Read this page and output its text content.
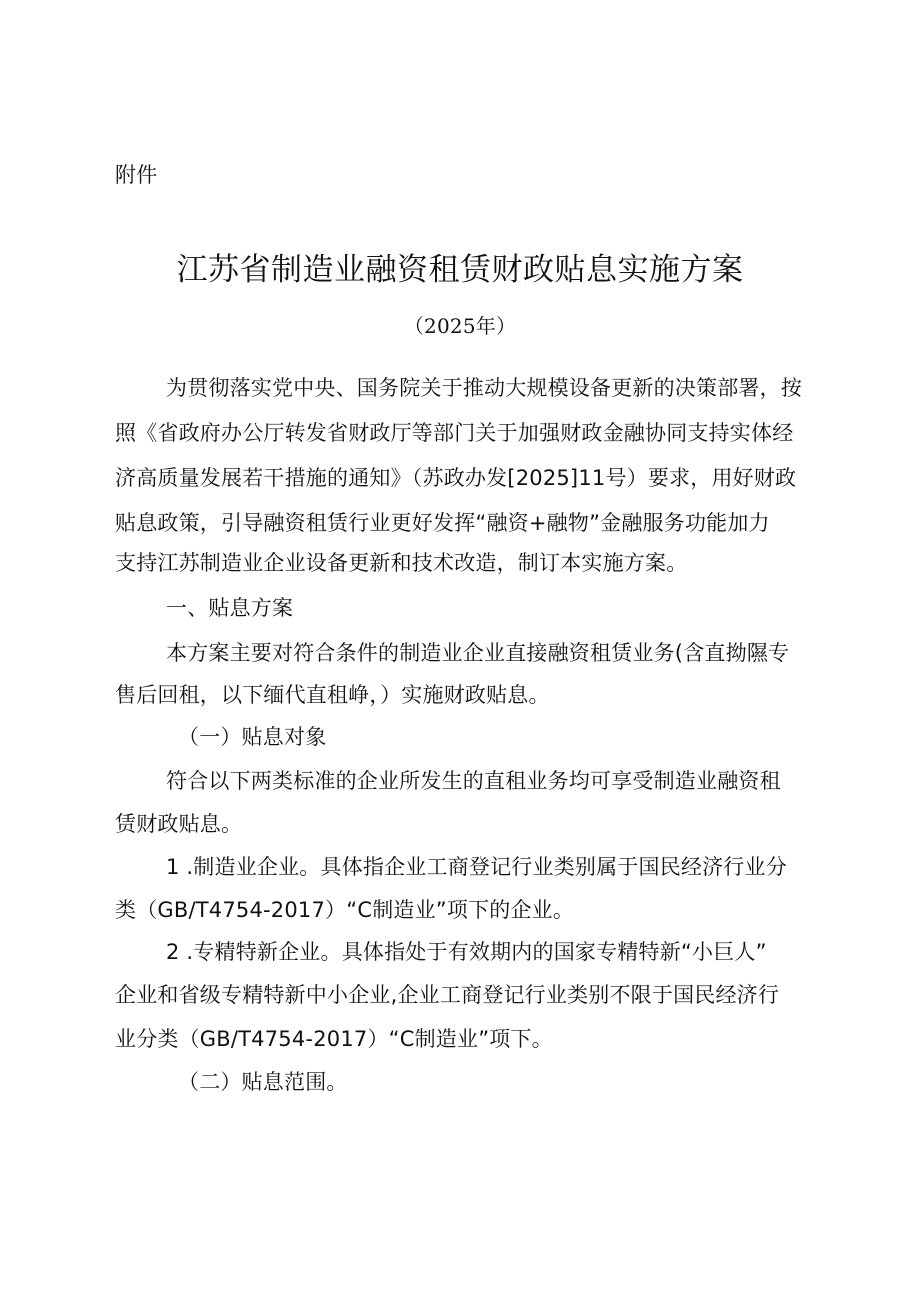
附件
江苏省制造业融资租赁财政贴息实施方案
（2025年）
为贯彻落实党中央、国务院关于推动大规模设备更新的决策部署，按
照《省政府办公厅转发省财政厅等部门关于加强财政金融协同支持实体经
济高质量发展若干措施的通知》（苏政办发[2025]11号）要求，用好财政
贴息政策，引导融资租赁行业更好发挥“融资+融物”金融服务功能加力
支持江苏制造业企业设备更新和技术改造，制订本实施方案。
一、贴息方案
本方案主要对符合条件的制造业企业直接融资租赁业务(含直拗隰专
售后回租，以下缅代直租峥，）实施财政贴息。
（一）贴息对象
符合以下两类标准的企业所发生的直租业务均可享受制造业融资租
赁财政贴息。
1 .制造业企业。具体指企业工商登记行业类别属于国民经济行业分
类（GB/T4754-2017）“C制造业”项下的企业。
2 .专精特新企业。具体指处于有效期内的国家专精特新“小巨人”
企业和省级专精特新中小企业,企业工商登记行业类别不限于国民经济行
业分类（GB/T4754-2017）“C制造业”项下。
（二）贴息范围。
